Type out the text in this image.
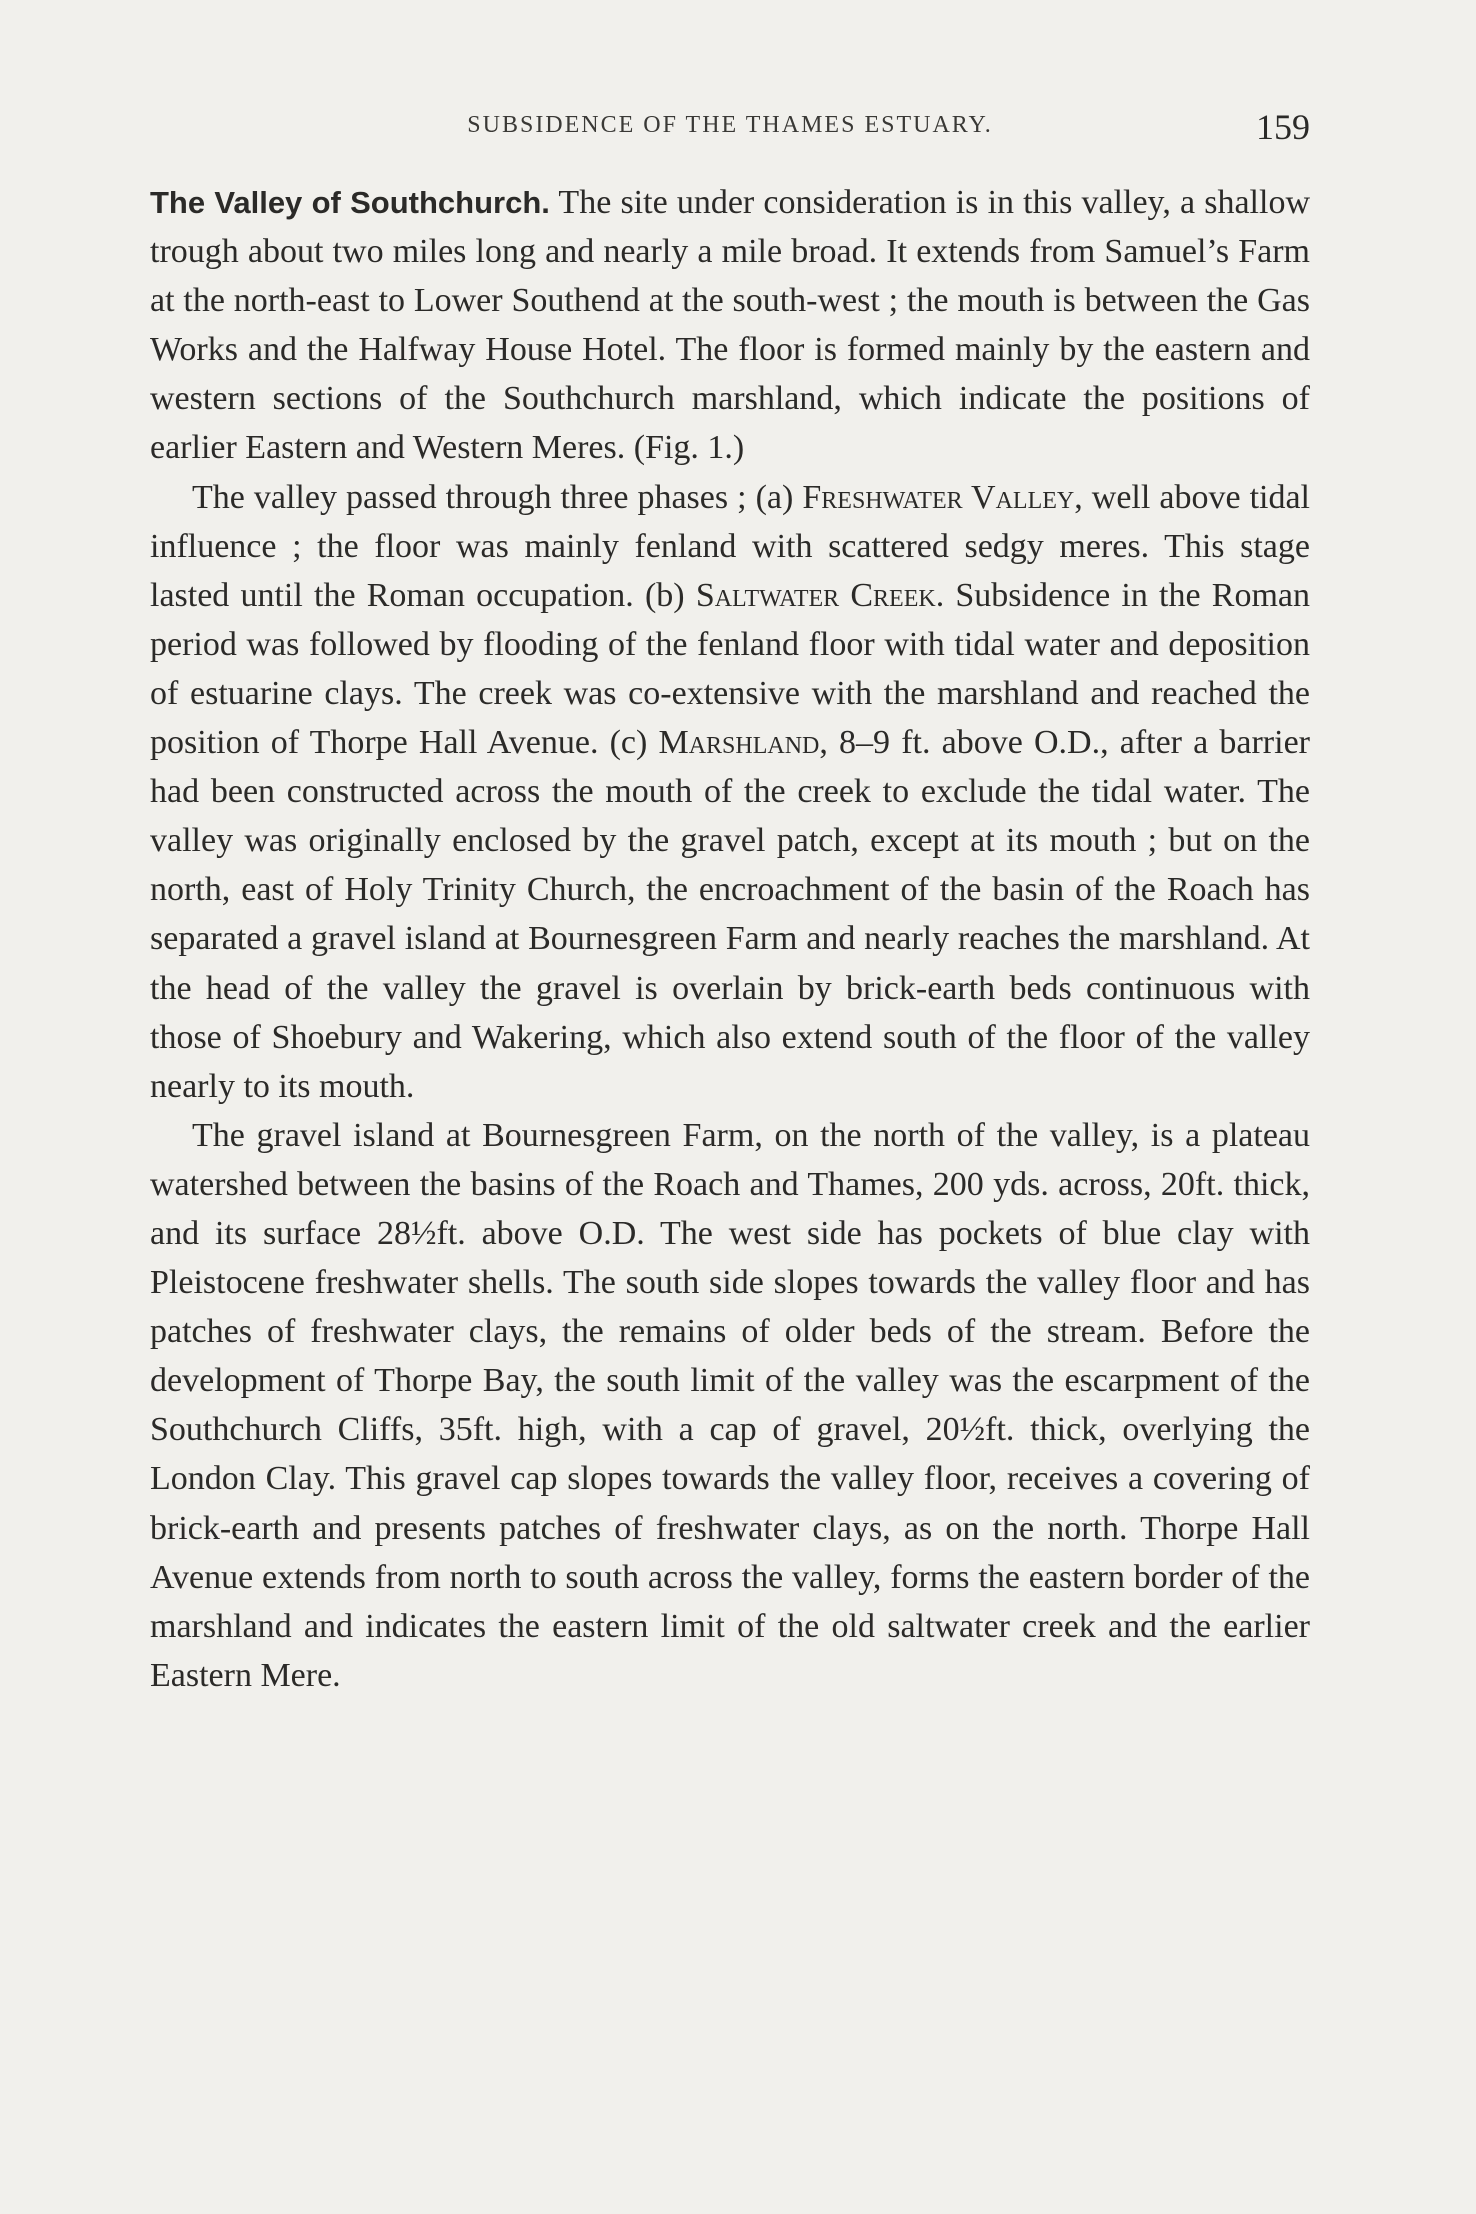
SUBSIDENCE OF THE THAMES ESTUARY.	159

The Valley of Southchurch. The site under consideration is in this valley, a shallow trough about two miles long and nearly a mile broad. It extends from Samuel’s Farm at the north-east to Lower Southend at the south-west ; the mouth is between the Gas Works and the Halfway House Hotel. The floor is formed mainly by the eastern and western sections of the Southchurch marshland, which indicate the positions of earlier Eastern and Western Meres. (Fig. 1.)

The valley passed through three phases ; (a) Freshwater Valley, well above tidal influence ; the floor was mainly fenland with scattered sedgy meres. This stage lasted until the Roman occupation. (b) Saltwater Creek. Subsidence in the Roman period was followed by flooding of the fenland floor with tidal water and deposition of estuarine clays. The creek was co-extensive with the marshland and reached the position of Thorpe Hall Avenue. (c) Marshland, 8–9 ft. above O.D., after a barrier had been constructed across the mouth of the creek to exclude the tidal water. The valley was originally enclosed by the gravel patch, except at its mouth ; but on the north, east of Holy Trinity Church, the encroachment of the basin of the Roach has separated a gravel island at Bournesgreen Farm and nearly reaches the marshland. At the head of the valley the gravel is overlain by brick-earth beds continuous with those of Shoebury and Wakering, which also extend south of the floor of the valley nearly to its mouth.

The gravel island at Bournesgreen Farm, on the north of the valley, is a plateau watershed between the basins of the Roach and Thames, 200 yds. across, 20ft. thick, and its surface 28½ft. above O.D. The west side has pockets of blue clay with Pleistocene freshwater shells. The south side slopes towards the valley floor and has patches of freshwater clays, the remains of older beds of the stream. Before the development of Thorpe Bay, the south limit of the valley was the escarpment of the Southchurch Cliffs, 35ft. high, with a cap of gravel, 20½ft. thick, overlying the London Clay. This gravel cap slopes towards the valley floor, receives a covering of brick-earth and presents patches of freshwater clays, as on the north. Thorpe Hall Avenue extends from north to south across the valley, forms the eastern border of the marshland and indicates the eastern limit of the old saltwater creek and the earlier Eastern Mere.
